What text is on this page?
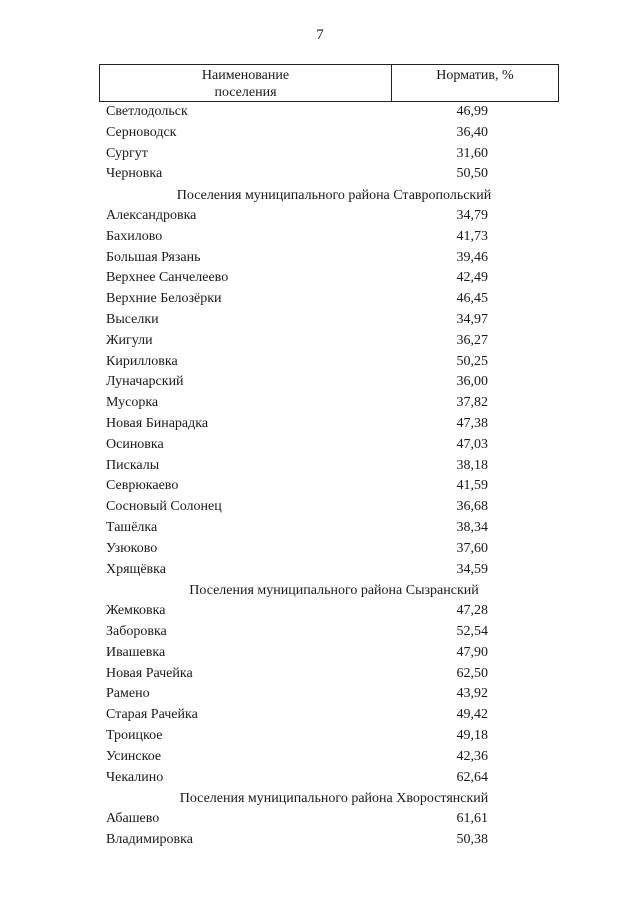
7
Наименование
поселения
Норматив, %
Светлодольск	46,99
Серноводск	36,40
Сургут	31,60
Черновка	50,50
Поселения муниципального района Ставропольский
Александровка	34,79
Бахилово	41,73
Большая Рязань	39,46
Верхнее Санчелеево	42,49
Верхние Белозёрки	46,45
Выселки	34,97
Жигули	36,27
Кирилловка	50,25
Луначарский	36,00
Мусорка	37,82
Новая Бинарадка	47,38
Осиновка	47,03
Пискалы	38,18
Севрюкаево	41,59
Сосновый Солонец	36,68
Ташёлка	38,34
Узюково	37,60
Хрящёвка	34,59
Поселения муниципального района Сызранский
Жемковка	47,28
Заборовка	52,54
Ивашевка	47,90
Новая Рачейка	62,50
Рамено	43,92
Старая Рачейка	49,42
Троицкое	49,18
Усинское	42,36
Чекалино	62,64
Поселения муниципального района Хворостянский
Абашево	61,61
Владимировка	50,38
